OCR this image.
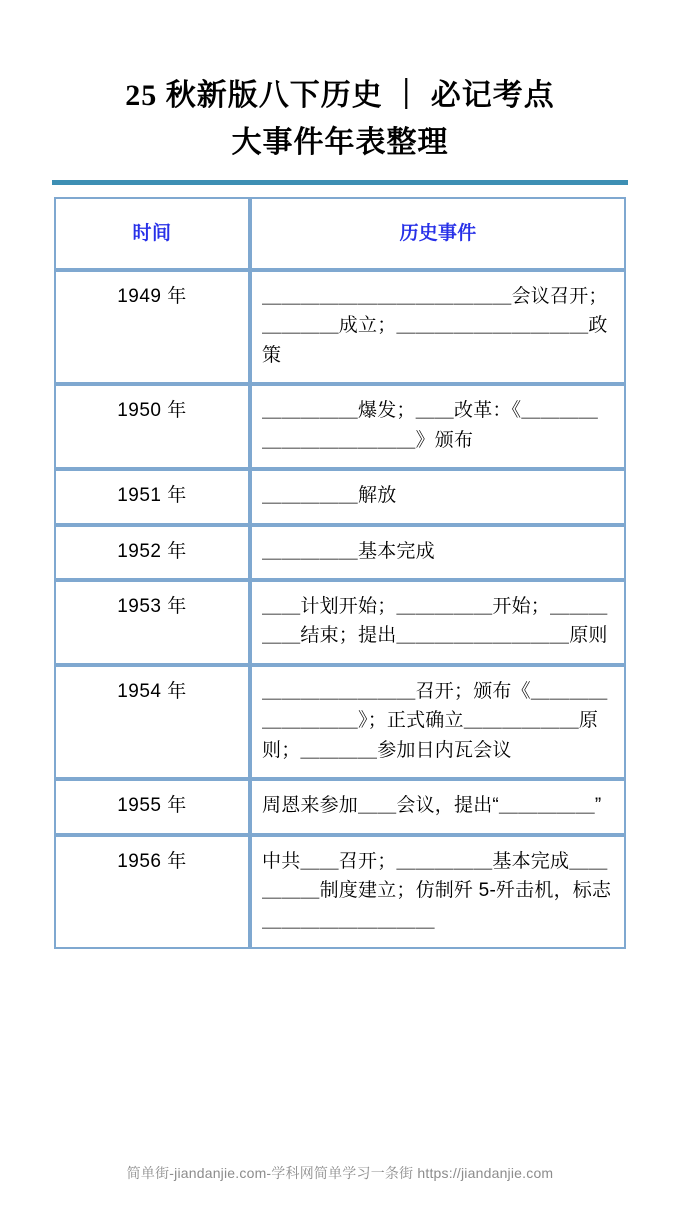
25 秋新版八下历史 ｜ 必记考点
大事件年表整理
时间	历史事件
1949 年	＿＿＿＿＿＿＿＿＿＿＿＿＿会议召开；＿＿＿＿成立；＿＿＿＿＿＿＿＿＿＿政策
1950 年	＿＿＿＿＿爆发；＿＿改革：《＿＿＿＿＿＿＿＿＿＿＿＿》颁布
1951 年	＿＿＿＿＿解放
1952 年	＿＿＿＿＿基本完成
1953 年	＿＿计划开始；＿＿＿＿＿开始；＿＿＿＿＿结束；提出＿＿＿＿＿＿＿＿＿原则
1954 年	＿＿＿＿＿＿＿＿召开；颁布《＿＿＿＿＿＿＿＿＿》；正式确立＿＿＿＿＿＿原则；＿＿＿＿参加日内瓦会议
1955 年	周恩来参加＿＿会议，提出“＿＿＿＿＿”
1956 年	中共＿＿召开；＿＿＿＿＿基本完成＿＿＿＿＿制度建立；仿制歼 5-歼击机，标志＿＿＿＿＿＿＿＿＿
简单街-jiandanjie.com-学科网简单学习一条街 https://jiandanjie.com
